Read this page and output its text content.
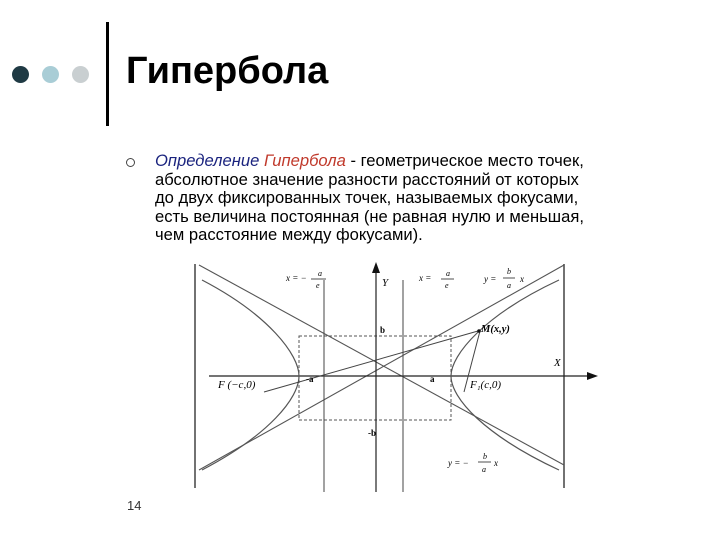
Гипербола
Определение Гипербола - геометрическое место точек,
абсолютное значение разности расстояний от которых
до двух фиксированных точек, называемых фокусами,
есть величина постоянная (не равная нулю и меньшая,
чем расстояние между фокусами).
Y
X
b
-b
a
-a
M(x,y)
F (−c,0)	F₁(c,0)
x = − a
e
x = a
e
y =
b
a
x
y = −
b
a
x
14
